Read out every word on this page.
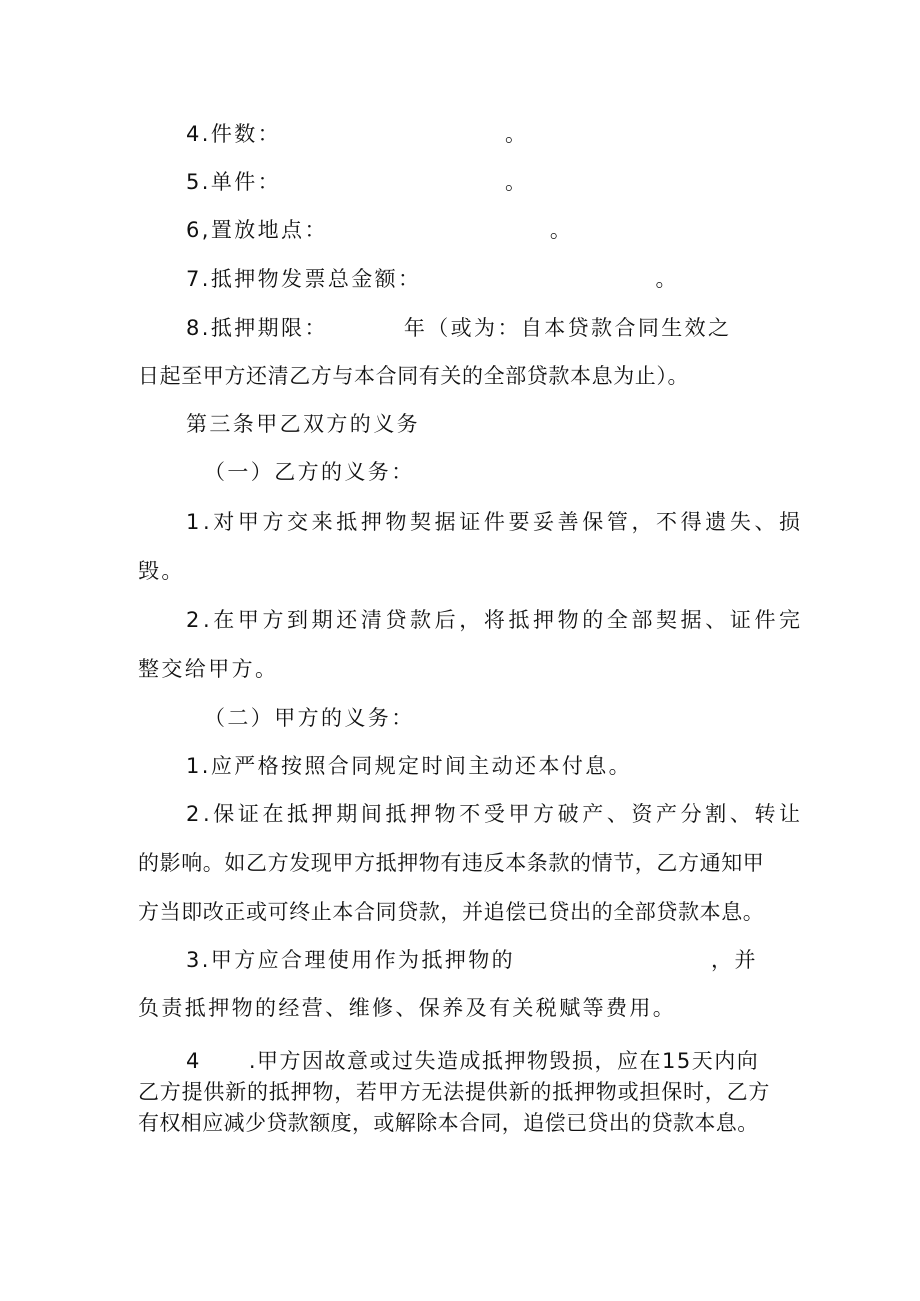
4.件数：	。
5.单件：	。
6,置放地点：	。
7.抵押物发票总金额：	。
8.抵押期限：	年（或为：自本贷款合同生效之
日起至甲方还清乙方与本合同有关的全部贷款本息为止）。
第三条甲乙双方的义务
（一）乙方的义务：
1.对甲方交来抵押物契据证件要妥善保管，不得遗失、损
毁。
2.在甲方到期还清贷款后，将抵押物的全部契据、证件完
整交给甲方。
（二）甲方的义务：
1.应严格按照合同规定时间主动还本付息。
2.保证在抵押期间抵押物不受甲方破产、资产分割、转让
的影响。如乙方发现甲方抵押物有违反本条款的情节，乙方通知甲
方当即改正或可终止本合同贷款，并追偿已贷出的全部贷款本息。
3.甲方应合理使用作为抵押物的	，并
负责抵押物的经营、维修、保养及有关税赋等费用。
4 .甲方因故意或过失造成抵押物毁损，应在15天内向
乙方提供新的抵押物，若甲方无法提供新的抵押物或担保时，乙方
有权相应减少贷款额度，或解除本合同，追偿已贷出的贷款本息。
